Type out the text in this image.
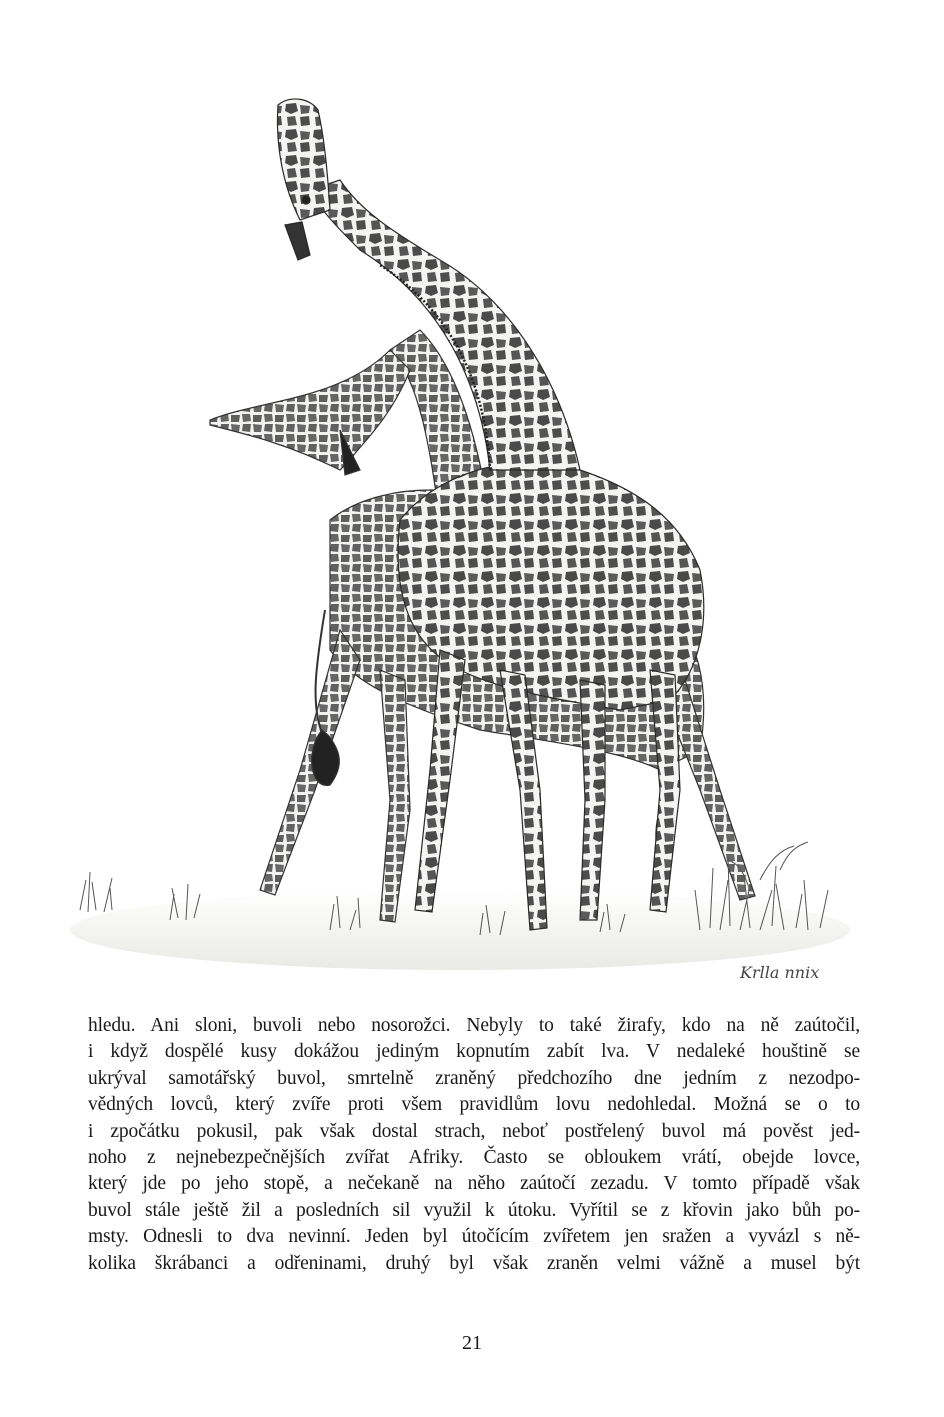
Krlla nnix

hledu. Ani sloni, buvoli nebo nosorožci. Nebyly to také žirafy, kdo na ně zaútočil,
i když dospělé kusy dokážou jediným kopnutím zabít lva. V nedaleké houštině se
ukrýval samotářský buvol, smrtelně zraněný předchozího dne jedním z nezodpo-
vědných lovců, který zvíře proti všem pravidlům lovu nedohledal. Možná se o to
i zpočátku pokusil, pak však dostal strach, neboť postřelený buvol má pověst jed-
noho z nejnebezpečnějších zvířat Afriky. Často se obloukem vrátí, obejde lovce,
který jde po jeho stopě, a nečekaně na něho zaútočí zezadu. V tomto případě však
buvol stále ještě žil a posledních sil využil k útoku. Vyřítil se z křovin jako bůh po-
msty. Odnesli to dva nevinní. Jeden byl útočícím zvířetem jen sražen a vyvázl s ně-
kolika škrábanci a odřeninami, druhý byl však zraněn velmi vážně a musel být

21
